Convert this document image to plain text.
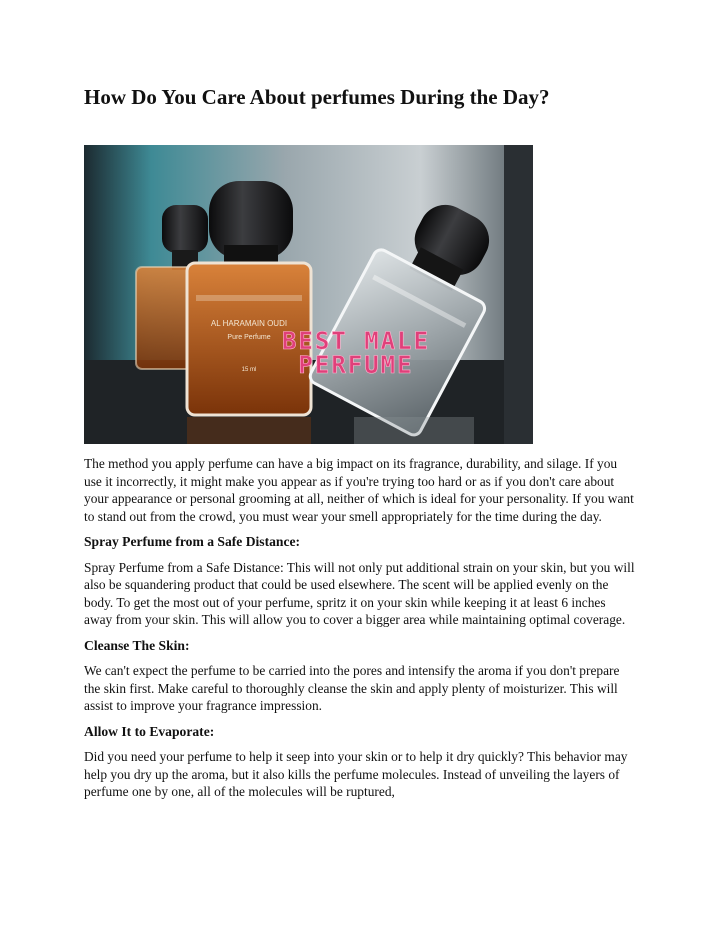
How Do You Care About perfumes During the Day?
AL HARAMAIN OUDI
Pure Perfume
15 ml
BEST MALE
PERFUME

The method you apply perfume can have a big impact on its fragrance, durability, and silage. If you use it incorrectly, it might make you appear as if you're trying too hard or as if you don't care about your appearance or personal grooming at all, neither of which is ideal for your personality. If you want to stand out from the crowd, you must wear your smell appropriately for the time during the day.

Spray Perfume from a Safe Distance:

Spray Perfume from a Safe Distance: This will not only put additional strain on your skin, but you will also be squandering product that could be used elsewhere. The scent will be applied evenly on the body. To get the most out of your perfume, spritz it on your skin while keeping it at least 6 inches away from your skin. This will allow you to cover a bigger area while maintaining optimal coverage.

Cleanse The Skin:

We can't expect the perfume to be carried into the pores and intensify the aroma if you don't prepare the skin first. Make careful to thoroughly cleanse the skin and apply plenty of moisturizer. This will assist to improve your fragrance impression.

Allow It to Evaporate:

Did you need your perfume to help it seep into your skin or to help it dry quickly? This behavior may help you dry up the aroma, but it also kills the perfume molecules. Instead of unveiling the layers of perfume one by one, all of the molecules will be ruptured,
